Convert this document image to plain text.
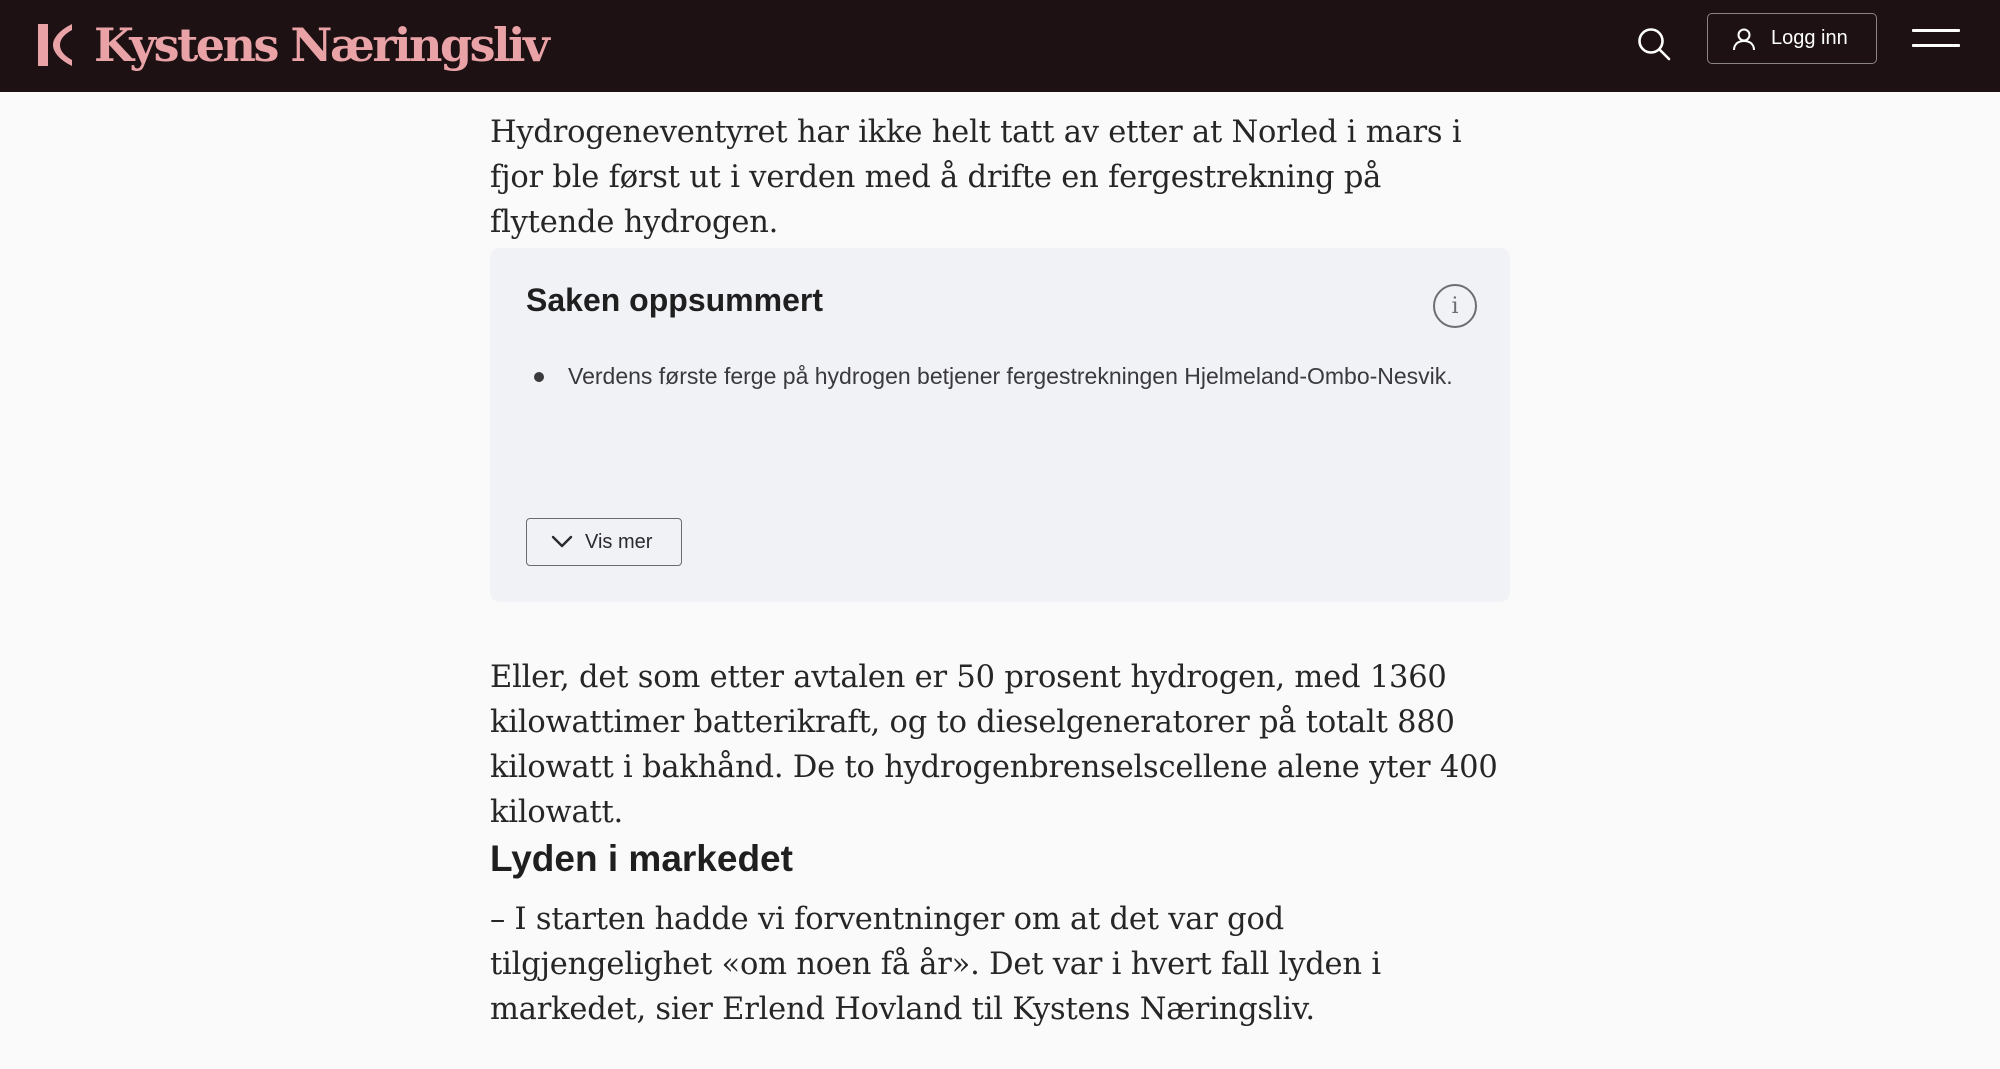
Kystens Næringsliv	Logg inn

Hydrogeneventyret har ikke helt tatt av etter at Norled i mars i fjor ble først ut i verden med å drifte en fergestrekning på flytende hydrogen.

Saken oppsummert	i
Verdens første ferge på hydrogen betjener fergestrekningen Hjelmeland-Ombo-Nesvik.
Vis mer

Eller, det som etter avtalen er 50 prosent hydrogen, med 1360 kilowattimer batterikraft, og to dieselgeneratorer på totalt 880 kilowatt i bakhånd. De to hydrogenbrenselscellene alene yter 400 kilowatt.

Lyden i markedet

– I starten hadde vi forventninger om at det var god tilgjengelighet «om noen få år». Det var i hvert fall lyden i markedet, sier Erlend Hovland til Kystens Næringsliv.
